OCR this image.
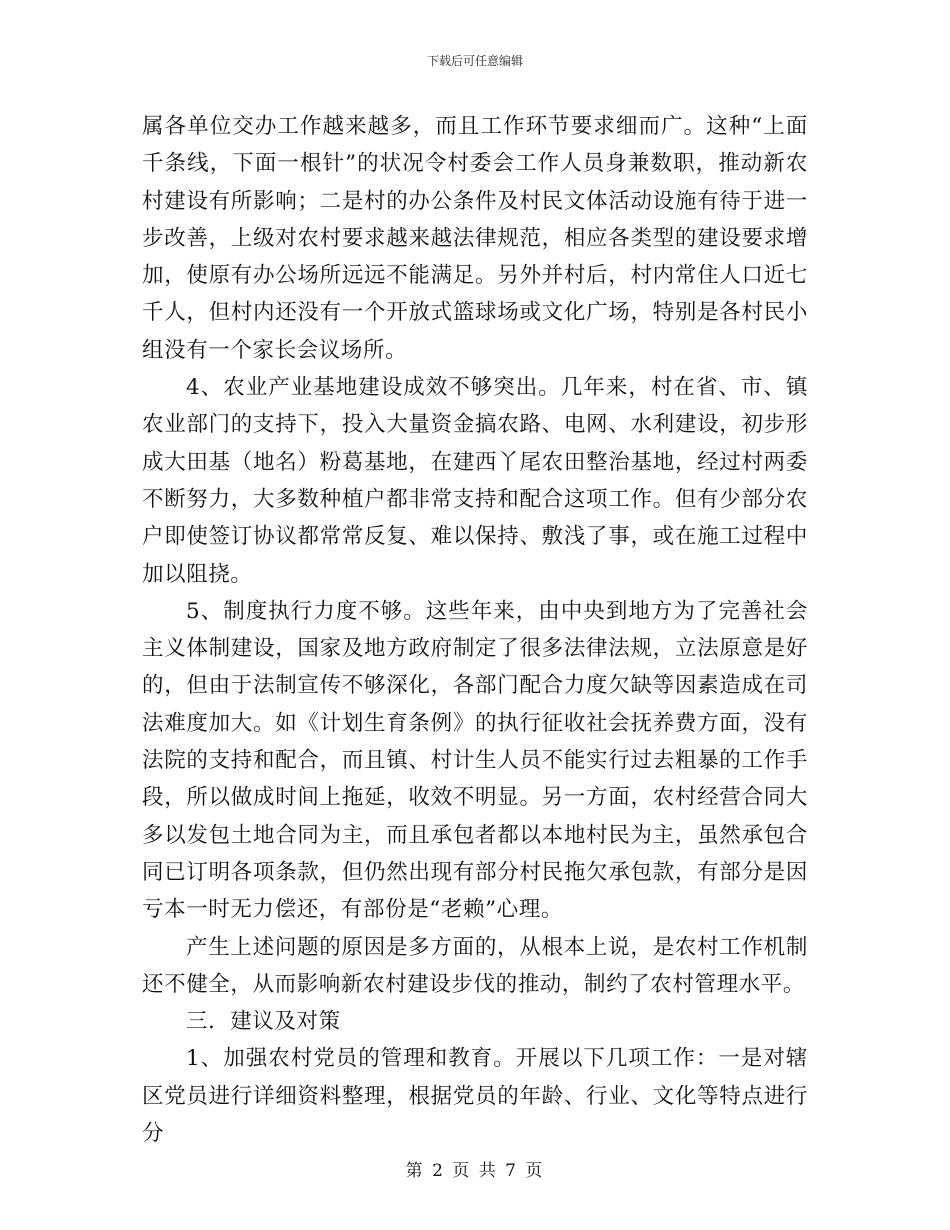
下载后可任意编辑

属各单位交办工作越来越多，而且工作环节要求细而广。这种“上面千条线，下面一根针”的状况令村委会工作人员身兼数职，推动新农村建设有所影响；二是村的办公条件及村民文体活动设施有待于进一步改善，上级对农村要求越来越法律规范，相应各类型的建设要求增加，使原有办公场所远远不能满足。另外并村后，村内常住人口近七千人，但村内还没有一个开放式篮球场或文化广场，特别是各村民小组没有一个家长会议场所。

4、农业产业基地建设成效不够突出。几年来，村在省、市、镇农业部门的支持下，投入大量资金搞农路、电网、水利建设，初步形成大田基（地名）粉葛基地，在建西丫尾农田整治基地，经过村两委不断努力，大多数种植户都非常支持和配合这项工作。但有少部分农户即使签订协议都常常反复、难以保持、敷浅了事，或在施工过程中加以阻挠。

5、制度执行力度不够。这些年来，由中央到地方为了完善社会主义体制建设，国家及地方政府制定了很多法律法规，立法原意是好的，但由于法制宣传不够深化，各部门配合力度欠缺等因素造成在司法难度加大。如《计划生育条例》的执行征收社会抚养费方面，没有法院的支持和配合，而且镇、村计生人员不能实行过去粗暴的工作手段，所以做成时间上拖延，收效不明显。另一方面，农村经营合同大多以发包土地合同为主，而且承包者都以本地村民为主，虽然承包合同已订明各项条款，但仍然出现有部分村民拖欠承包款，有部分是因亏本一时无力偿还，有部份是“老赖”心理。

产生上述问题的原因是多方面的，从根本上说，是农村工作机制还不健全，从而影响新农村建设步伐的推动，制约了农村管理水平。

三．建议及对策

1、加强农村党员的管理和教育。开展以下几项工作：一是对辖区党员进行详细资料整理，根据党员的年龄、行业、文化等特点进行分

第 2 页 共 7 页
